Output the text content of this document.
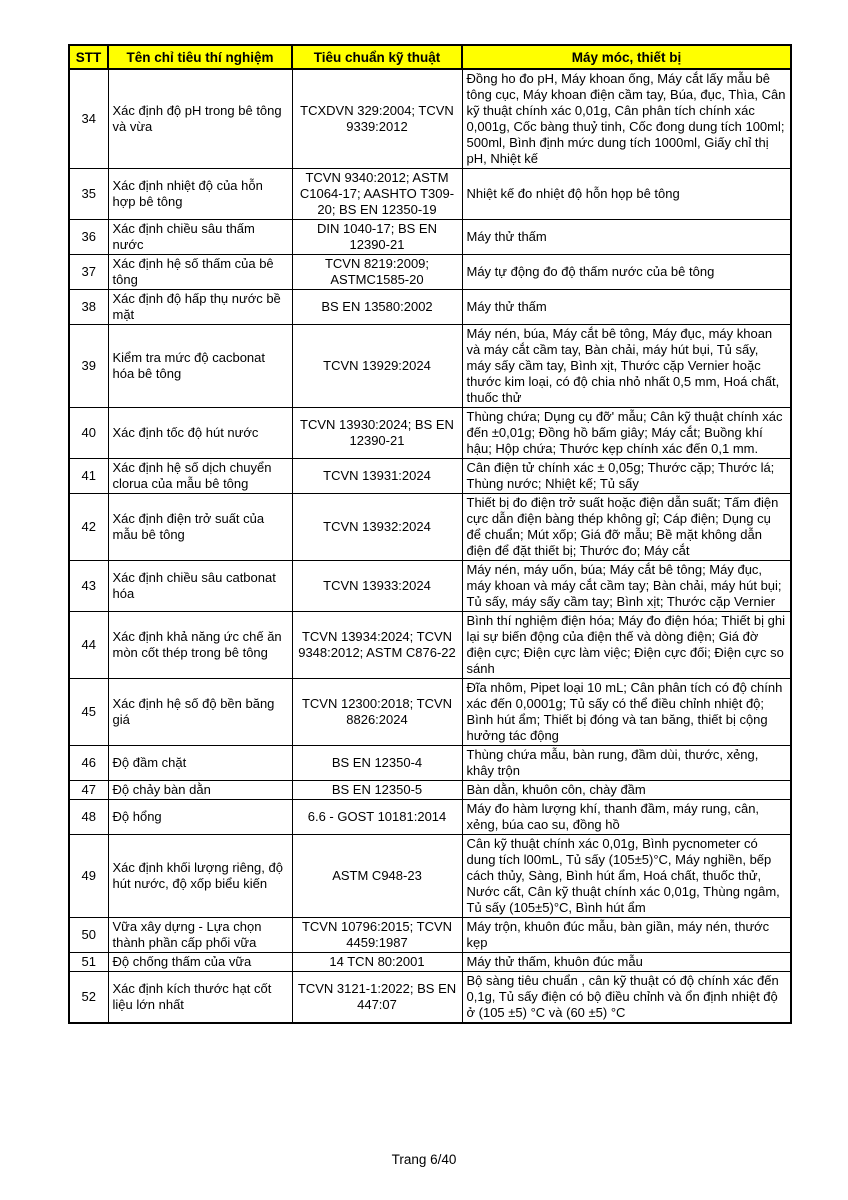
STT	Tên chỉ tiêu thí nghiệm	Tiêu chuẩn kỹ thuật	Máy móc, thiết bị
34	Xác định độ pH trong bê tông và vừa	TCXDVN 329:2004; TCVN 9339:2012	Đồng ho đo pH, Máy khoan ống, Máy cắt lấy mẫu bê tông cục, Máy khoan điện cầm tay, Búa, đục, Thìa, Cân kỹ thuật chính xác 0,01g, Cân phân tích chính xác 0,001g, Cốc bàng thuỷ tinh, Cốc đong dung tích 100ml; 500ml, Bình định mức dung tích 1000ml, Giấy chỉ thị pH, Nhiệt kế
35	Xác định nhiệt độ của hỗn hợp bê tông	TCVN 9340:2012; ASTM C1064-17; AASHTO T309-20; BS EN 12350-19	Nhiệt kế đo nhiệt độ hỗn họp bê tông
36	Xác định chiều sâu thấm nước	DIN 1040-17; BS EN 12390-21	Máy thử thấm
37	Xác định hệ số thấm của bê tông	TCVN 8219:2009; ASTMC1585-20	Máy tự động đo độ thấm nước của bê tông
38	Xác định độ hấp thụ nước bề mặt	BS EN 13580:2002	Máy thử thấm
39	Kiểm tra mức độ cacbonat hóa bê tông	TCVN 13929:2024	Máy nén, búa, Máy cắt bê tông, Máy đục, máy khoan và máy cắt cầm tay, Bàn chải, máy hút bụi, Tủ sấy, máy sấy cầm tay, Bình xịt, Thước cặp Vernier hoặc thước kim loại, có độ chia nhỏ nhất 0,5 mm, Hoá chất, thuốc thử
40	Xác định tốc độ hút nước	TCVN 13930:2024; BS EN 12390-21	Thùng chứa; Dụng cụ đỡ' mẫu; Cân kỹ thuật chính xác đến ±0,01g; Đồng hồ bấm giây; Máy cắt; Buồng khí hậu; Hộp chứa; Thước kẹp chính xác đến 0,1 mm.
41	Xác định hệ số dịch chuyển clorua của mẫu bê tông	TCVN 13931:2024	Cân điện tử chính xác ± 0,05g; Thước cặp; Thước lá; Thùng nước; Nhiệt kế; Tủ sấy
42	Xác định điện trở suất của mẫu bê tông	TCVN 13932:2024	Thiết bị đo điện trở suất hoặc điện dẫn suất; Tấm điện cực dẫn điện bàng thép không gỉ; Cáp điện; Dụng cụ để chuẩn; Mút xốp; Giá đỡ mẫu; Bề mặt không dẫn điện để đặt thiết bị; Thước đo; Máy cắt
43	Xác định chiều sâu catbonat hóa	TCVN 13933:2024	Máy nén, máy uốn, búa; Máy cắt bê tông; Máy đục, máy khoan và máy cắt cầm tay; Bàn chải, máy hút bụi; Tủ sấy, máy sấy cầm tay; Bình xịt; Thước cặp Vernier
44	Xác định khả năng ức chế ăn mòn cốt thép trong bê tông	TCVN 13934:2024; TCVN 9348:2012; ASTM C876-22	Bình thí nghiệm điện hóa; Máy đo điện hóa; Thiết bị ghi lại sự biến động của điện thế và dòng điện; Giá đờ điện cực; Điện cực làm việc; Điện cực đối; Điện cực so sánh
45	Xác định hệ số độ bền băng giá	TCVN 12300:2018; TCVN 8826:2024	Đĩa nhôm, Pipet loại 10 mL; Cân phân tích có độ chính xác đến 0,0001g; Tủ sấy có thể điều chỉnh nhiệt độ; Bình hút ẩm; Thiết bị đóng và tan băng, thiết bị cộng hưởng tác động
46	Độ đầm chặt	BS EN 12350-4	Thùng chứa mẫu, bàn rung, đầm dùi, thước, xẻng, khây trộn
47	Độ chảy bàn dằn	BS EN 12350-5	Bàn dằn, khuôn côn, chày đầm
48	Độ hổng	6.6 - GOST 10181:2014	Máy đo hàm lượng khí, thanh đầm, máy rung, cân, xẻng, búa cao su, đồng hồ
49	Xác định khối lượng riêng, độ hút nước, độ xốp biểu kiến	ASTM C948-23	Cân kỹ thuật chính xác 0,01g, Bình pycnometer có dung tích l00mL, Tủ sấy (105±5)°C, Máy nghiền, bếp cách thủy, Sàng, Bình hút ẩm, Hoá chất, thuốc thử, Nước cất, Cân kỹ thuật chính xác 0,01g, Thùng ngâm, Tủ sấy (105±5)°C, Bình hút ẩm
50	Vữa xây dựng - Lựa chọn thành phần cấp phối vữa	TCVN 10796:2015; TCVN 4459:1987	Máy trộn, khuôn đúc mẫu, bàn giần, máy nén, thước kẹp
51	Độ chống thấm của vữa	14 TCN 80:2001	Máy thử thấm, khuôn đúc mẫu
52	Xác định kích thước hạt cốt liệu lớn nhất	TCVN 3121-1:2022; BS EN 447:07	Bộ sàng tiêu chuẩn , cân kỹ thuật có độ chính xác đến 0,1g, Tủ sấy điện có bộ điều chỉnh và ổn định nhiệt độ ở (105 ±5) °C và (60 ±5) °C
Trang 6/40
